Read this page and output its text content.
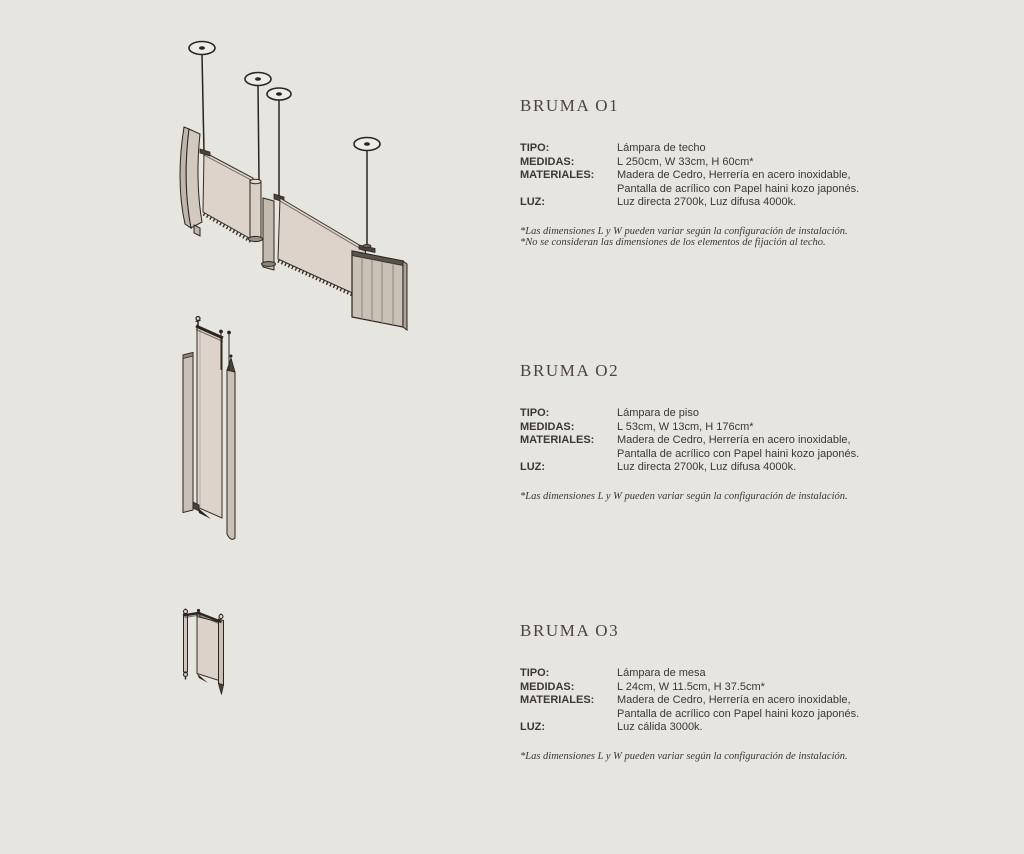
BRUMA O1
TIPO:	Lámpara de techo
MEDIDAS:	L 250cm, W 33cm, H 60cm*
MATERIALES:	Madera de Cedro, Herrería en acero inoxidable, Pantalla de acrílico con Papel haini kozo japonés.
LUZ:	Luz directa 2700k, Luz difusa 4000k.

*Las dimensiones L y W pueden variar según la configuración de instalación.

*No se consideran las dimensiones de los elementos de fijación al techo.

BRUMA O2
TIPO:	Lámpara de piso
MEDIDAS:	L 53cm, W 13cm, H 176cm*
MATERIALES:	Madera de Cedro, Herrería en acero inoxidable, Pantalla de acrílico con Papel haini kozo japonés.
LUZ:	Luz directa 2700k, Luz difusa 4000k.

*Las dimensiones L y W pueden variar según la configuración de instalación.

BRUMA O3
TIPO:	Lámpara de mesa
MEDIDAS:	L 24cm, W 11.5cm, H 37.5cm*
MATERIALES:	Madera de Cedro, Herrería en acero inoxidable, Pantalla de acrílico con Papel haini kozo japonés.
LUZ:	Luz cálida 3000k.

*Las dimensiones L y W pueden variar según la configuración de instalación.
